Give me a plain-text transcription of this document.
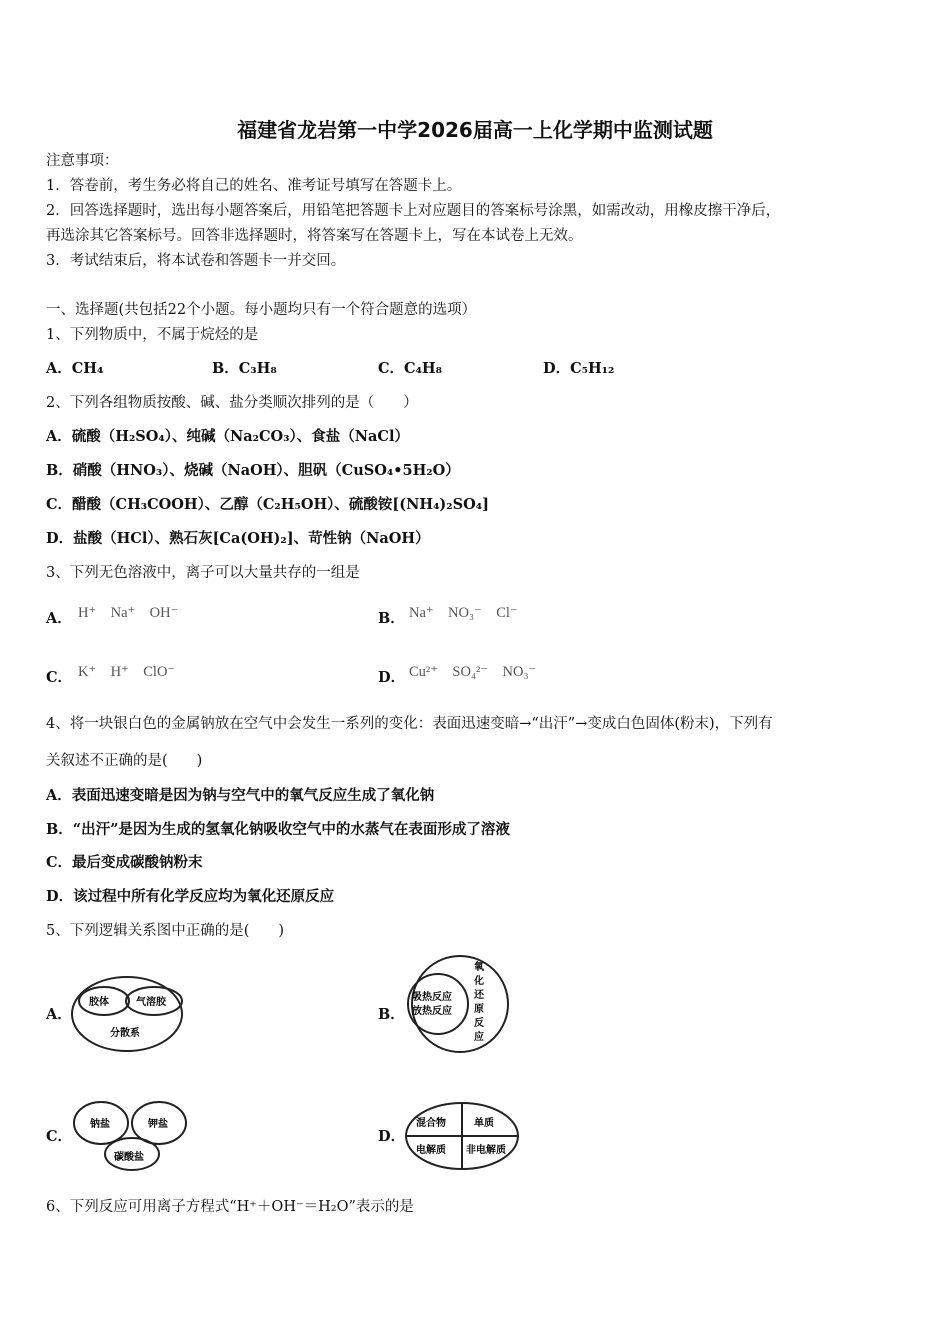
福建省龙岩第一中学2026届高一上化学期中监测试题
注意事项：
1．答卷前，考生务必将自己的姓名、准考证号填写在答题卡上。
2．回答选择题时，选出每小题答案后，用铅笔把答题卡上对应题目的答案标号涂黑，如需改动，用橡皮擦干净后，
再选涂其它答案标号。回答非选择题时，将答案写在答题卡上，写在本试卷上无效。
3．考试结束后，将本试卷和答题卡一并交回。
一、选择题(共包括22个小题。每小题均只有一个符合题意的选项）
1、下列物质中，不属于烷烃的是
A．CH₄	B．C₃H₈	C．C₄H₈	D．C₅H₁₂
2、下列各组物质按酸、碱、盐分类顺次排列的是（　　）
A．硫酸（H₂SO₄）、纯碱（Na₂CO₃）、食盐（NaCl）
B．硝酸（HNO₃）、烧碱（NaOH）、胆矾（CuSO₄•5H₂O）
C．醋酸（CH₃COOH）、乙醇（C₂H₅OH）、硫酸铵[(NH₄)₂SO₄]
D．盐酸（HCl）、熟石灰[Ca(OH)₂]、苛性钠（NaOH）
3、下列无色溶液中，离子可以大量共存的一组是
A． H⁺　Na⁺　OH⁻	B． Na⁺　NO₃⁻　Cl⁻
C． K⁺　H⁺　ClO⁻	D． Cu²⁺　SO₄²⁻　NO₃⁻
4、将一块银白色的金属钠放在空气中会发生一系列的变化：表面迅速变暗→“出汗”→变成白色固体(粉末)，下列有
关叙述不正确的是(　　)
A．表面迅速变暗是因为钠与空气中的氧气反应生成了氧化钠
B．“出汗”是因为生成的氢氧化钠吸收空气中的水蒸气在表面形成了溶液
C．最后变成碳酸钠粉末
D．该过程中所有化学反应均为氧化还原反应
5、下列逻辑关系图中正确的是(　　)
A．
胶体	气溶胶
分散系
B．
吸热反应
放热反应
氧
化
还
原
反
应
C．
钠盐	钾盐
碳酸盐
D．
混合物	单质
电解质 非电解质
6、下列反应可用离子方程式“H⁺＋OH⁻＝H₂O”表示的是
